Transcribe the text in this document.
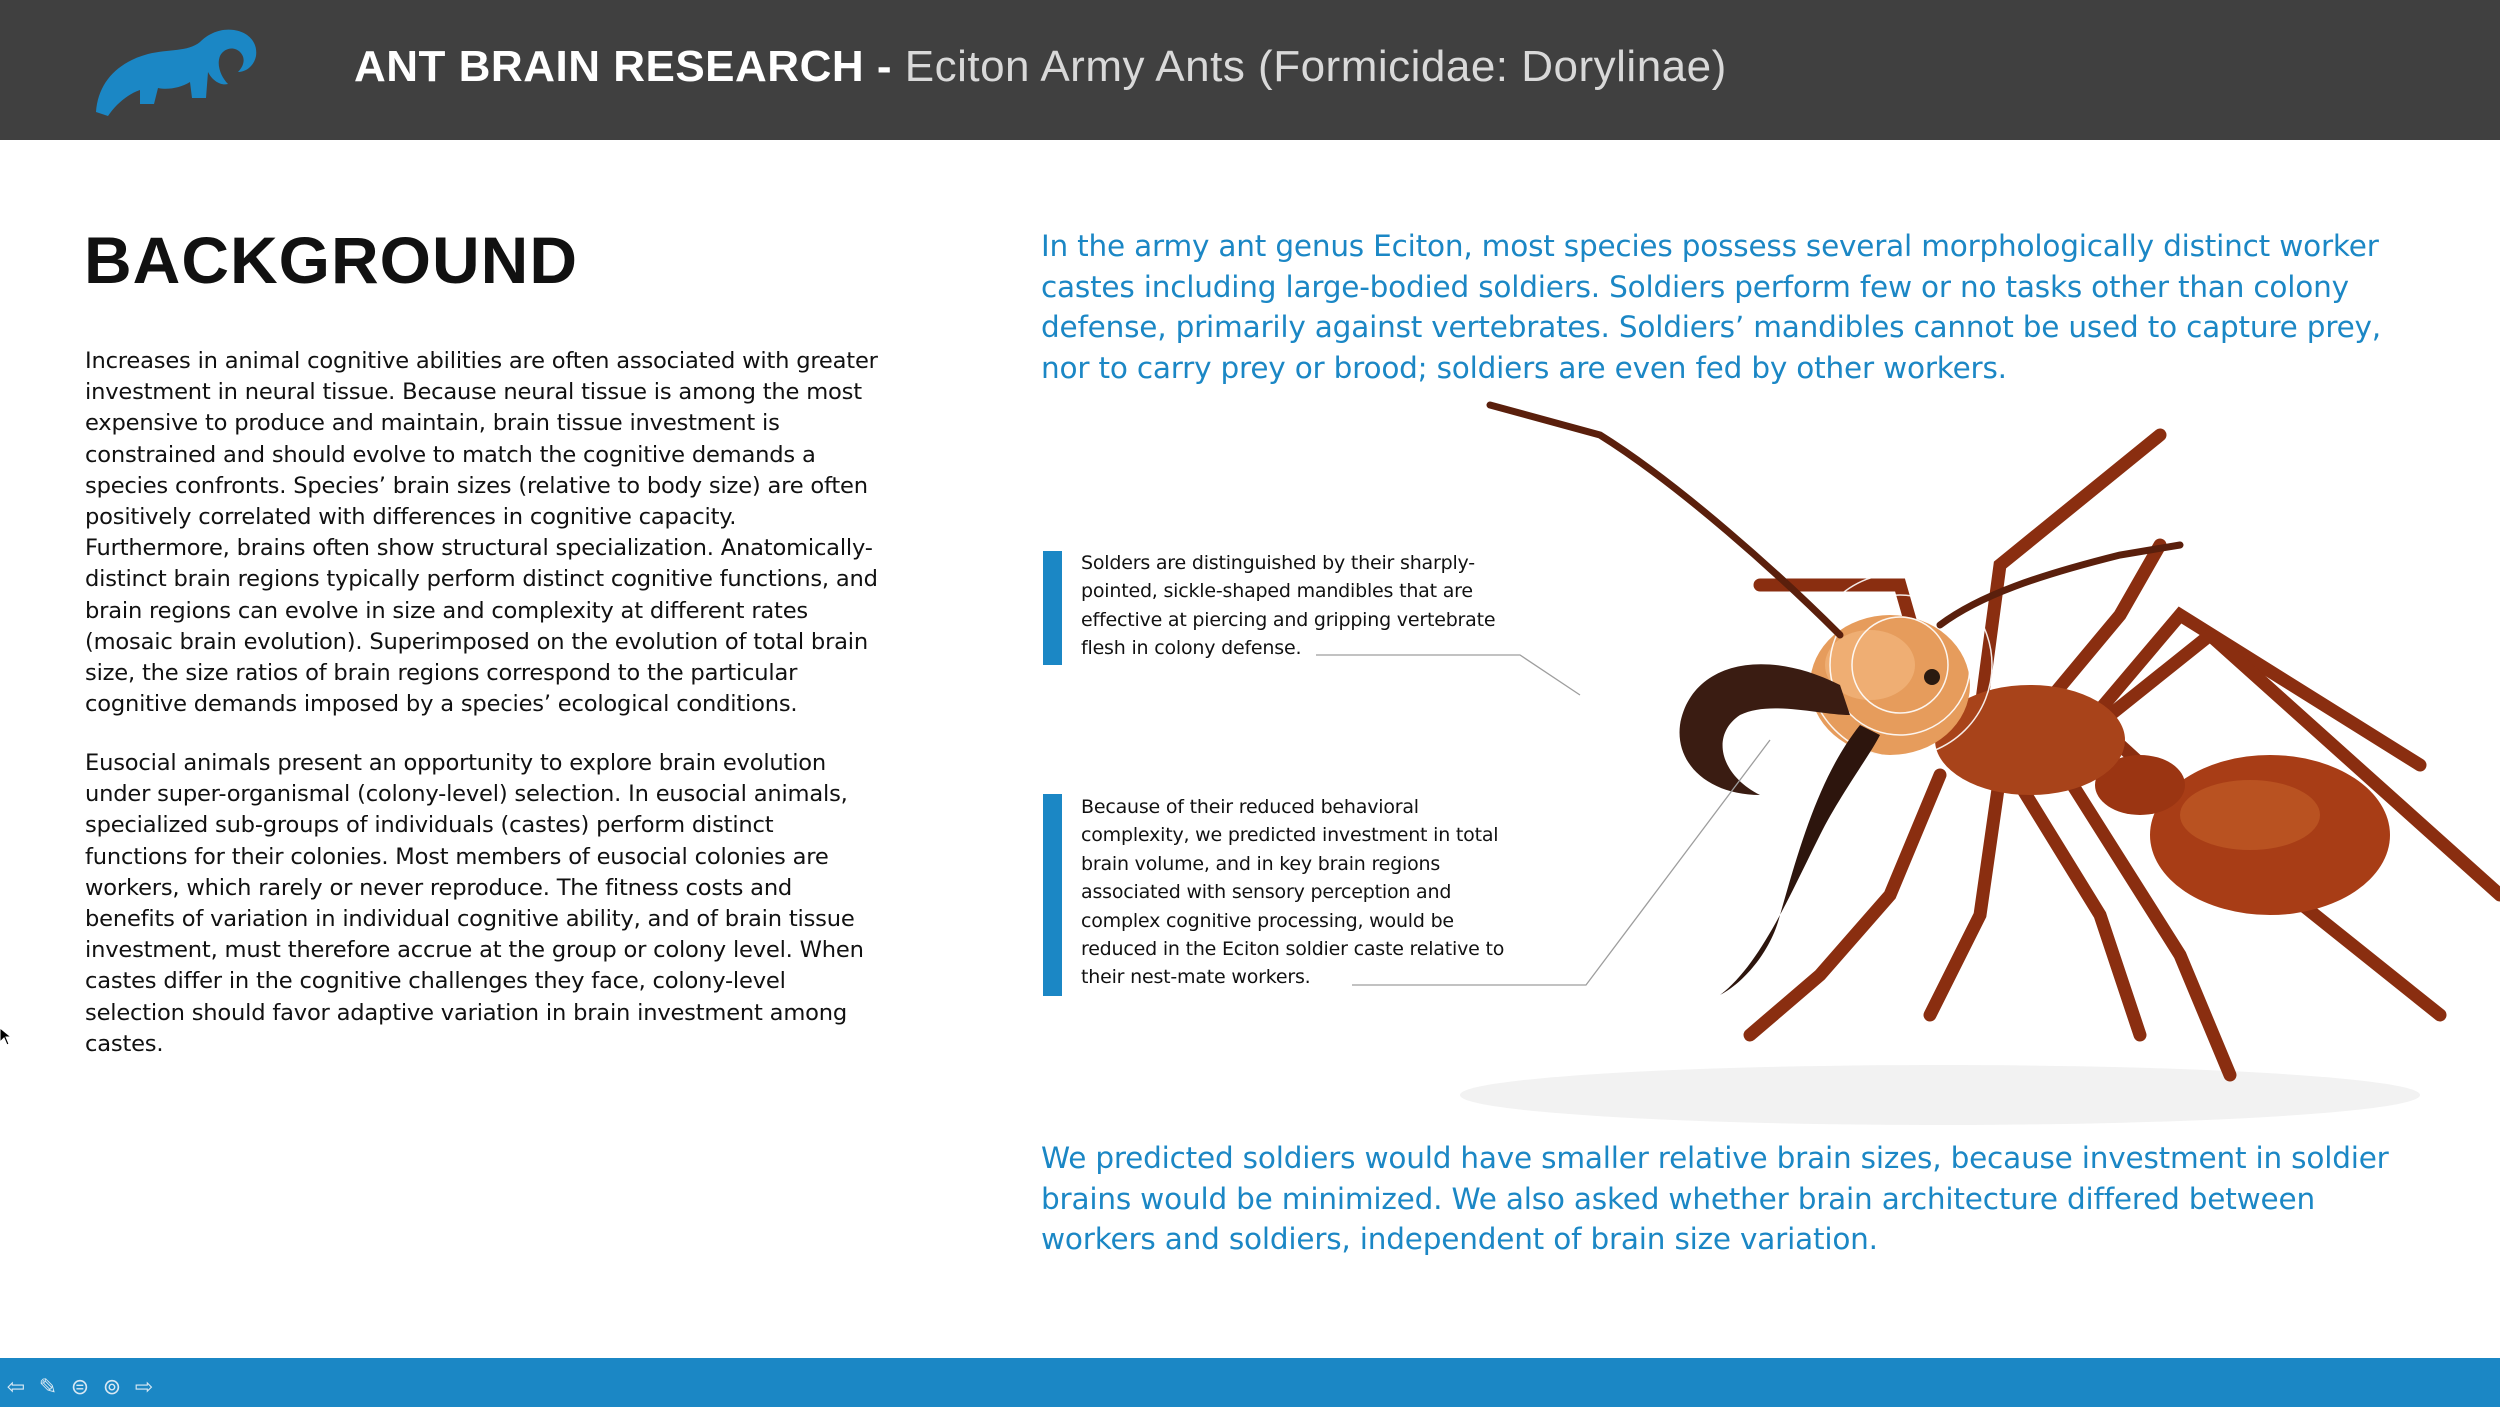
ANT BRAIN RESEARCH - Eciton Army Ants (Formicidae: Dorylinae)
BACKGROUND

Increases in animal cognitive abilities are often associated with greater investment in neural tissue. Because neural tissue is among the most expensive to produce and maintain, brain tissue investment is constrained and should evolve to match the cognitive demands a species confronts. Species’ brain sizes (relative to body size) are often positively correlated with differences in cognitive capacity. Furthermore, brains often show structural specialization. Anatomically-distinct brain regions typically perform distinct cognitive functions, and brain regions can evolve in size and complexity at different rates (mosaic brain evolution). Superimposed on the evolution of total brain size, the size ratios of brain regions correspond to the particular cognitive demands imposed by a species’ ecological conditions.

Eusocial animals present an opportunity to explore brain evolution under super-organismal (colony-level) selection. In eusocial animals, specialized sub-groups of individuals (castes) perform distinct functions for their colonies. Most members of eusocial colonies are workers, which rarely or never reproduce. The fitness costs and benefits of variation in individual cognitive ability, and of brain tissue investment, must therefore accrue at the group or colony level. When castes differ in the cognitive challenges they face, colony-level selection should favor adaptive variation in brain investment among castes.

In the army ant genus Eciton, most species possess several morphologically distinct worker castes including large-bodied soldiers. Soldiers perform few or no tasks other than colony defense, primarily against vertebrates. Soldiers’ mandibles cannot be used to capture prey, nor to carry prey or brood; soldiers are even fed by other workers.

Solders are distinguished by their sharply-pointed, sickle-shaped mandibles that are effective at piercing and gripping vertebrate flesh in colony defense.

Because of their reduced behavioral complexity, we predicted investment in total brain volume, and in key brain regions associated with sensory perception and complex cognitive processing, would be reduced in the Eciton soldier caste relative to their nest-mate workers.

We predicted soldiers would have smaller relative brain sizes, because investment in soldier brains would be minimized. We also asked whether brain architecture differed between workers and soldiers, independent of brain size variation.

⇦ ✎ ⊜ ⊚ ⇨
